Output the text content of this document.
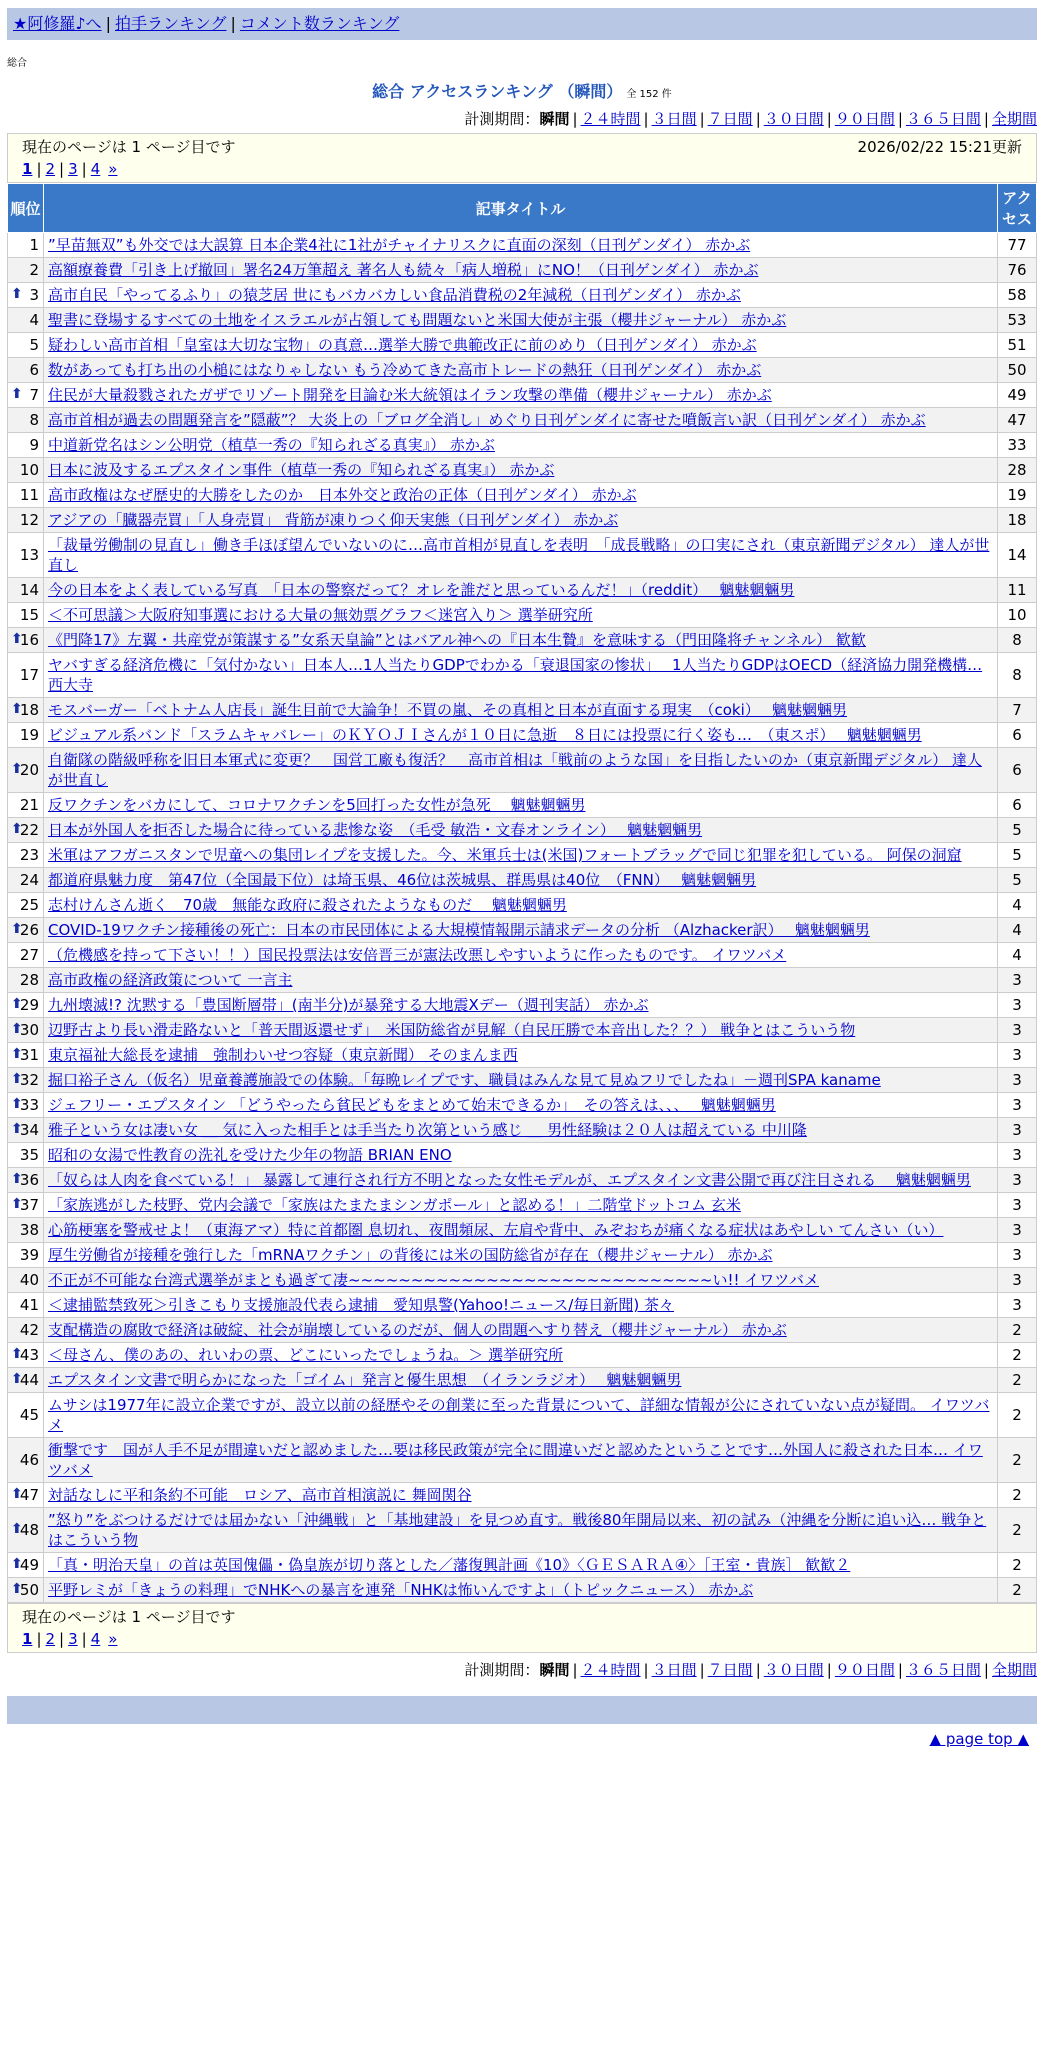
★阿修羅♪へ | 拍手ランキング | コメント数ランキング
総合
総合 アクセスランキング （瞬間） 全 152 件
計測期間：瞬間 | ２４時間 | ３日間 | ７日間 | ３０日間 | ９０日間 | ３６５日間 | 全期間
現在のページは 1 ページ目です	2026/02/22 15:21更新
1 | 2 | 3 | 4 »
順位	記事タイトル	アクセス
1	”早苗無双”も外交では大誤算 日本企業4社に1社がチャイナリスクに直面の深刻（日刊ゲンダイ） 赤かぶ	77
2	高額療養費「引き上げ撤回」署名24万筆超え 著名人も続々「病人増税」にNO！（日刊ゲンダイ） 赤かぶ	76

⬆ 3	高市自民「やってるふり」の猿芝居 世にもバカバカしい食品消費税の2年減税（日刊ゲンダイ） 赤かぶ	58
4	聖書に登場するすべての土地をイスラエルが占領しても問題ないと米国大使が主張（櫻井ジャーナル） 赤かぶ	53
5	疑わしい高市首相「皇室は大切な宝物」の真意…選挙大勝で典範改正に前のめり（日刊ゲンダイ） 赤かぶ	51
6	数があっても打ち出の小槌にはなりゃしない もう冷めてきた高市トレードの熱狂（日刊ゲンダイ） 赤かぶ	50

⬆ 7	住民が大量殺戮されたガザでリゾート開発を目論む米大統領はイラン攻撃の準備（櫻井ジャーナル） 赤かぶ	49
8	高市首相が過去の問題発言を”隠蔽”？ 大炎上の「ブログ全消し」めぐり日刊ゲンダイに寄せた噴飯言い訳（日刊ゲンダイ） 赤かぶ	47
9	中道新党名はシン公明党（植草一秀の『知られざる真実』） 赤かぶ	33
10	日本に波及するエプスタイン事件（植草一秀の『知られざる真実』） 赤かぶ	28
11	高市政権はなぜ歴史的大勝をしたのか　日本外交と政治の正体（日刊ゲンダイ） 赤かぶ	19
12	アジアの「臓器売買」「人身売買」 背筋が凍りつく仰天実態（日刊ゲンダイ） 赤かぶ	18
13	「裁量労働制の見直し」働き手ほぼ望んでいないのに…高市首相が見直しを表明　「成長戦略」の口実にされ（東京新聞デジタル） 達人が世直し	14
14	今の日本をよく表している写真　「日本の警察だって？オレを誰だと思っているんだ！」（reddit）　 魑魅魍魎男	11
15	＜不可思議＞大阪府知事選における大量の無効票グラフ＜迷宮入り＞ 選挙研究所	10

⬆
16	《門降17》左翼・共産党が策謀する”女系天皇論”とはバアル神への『日本生贄』を意味する（門田隆将チャンネル） 歓歓	8
17	ヤバすぎる経済危機に「気付かない」日本人…1人当たりGDPでわかる「衰退国家の惨状」　 1人当たりGDPはOECD（経済協力開発機構… 西大寺	8

⬆
18	モスバーガー「ベトナム人店長」誕生目前で大論争！不買の嵐、その真相と日本が直面する現実　（coki）　 魑魅魍魎男	7
19	ビジュアル系バンド「スラムキャバレー」のＫＹＯＪＩさんが１０日に急逝　８日には投票に行く姿も…　（東スポ）　 魑魅魍魎男	6

⬆
20	自衛隊の階級呼称を旧日本軍式に変更？　国営工廠も復活？　高市首相は「戦前のような国」を目指したいのか（東京新聞デジタル） 達人が世直し	6
21	反ワクチンをバカにして、コロナワクチンを5回打った女性が急死　 魑魅魍魎男	6

⬆
22	日本が外国人を拒否した場合に待っている悲惨な姿　（毛受 敏浩・文春オンライン）　 魑魅魍魎男	5
23	米軍はアフガニスタンで児童への集団レイプを支援した。今、米軍兵士は(米国)フォートブラッグで同じ犯罪を犯している。 阿保の洞窟	5
24	都道府県魅力度　第47位（全国最下位）は埼玉県、46位は茨城県、群馬県は40位　（FNN）　 魑魅魍魎男	5
25	志村けんさん逝く　70歳　無能な政府に殺されたようなものだ　 魑魅魍魎男	4

⬆
26	COVID-19ワクチン接種後の死亡：日本の市民団体による大規模情報開示請求データの分析 （Alzhacker訳）　 魑魅魍魎男	4
27	（危機感を持って下さい！！）国民投票法は安倍晋三が憲法改悪しやすいように作ったものです。 イワツバメ	4
28	高市政権の経済政策について 一言主	3

⬆
29	九州壊滅!? 沈黙する「豊国断層帯」(南半分)が暴発する大地震Xデー（週刊実話） 赤かぶ	3

⬆
30	辺野古より長い滑走路ないと「普天間返還せず」　米国防総省が見解（自民圧勝で本音出した？？） 戦争とはこういう物	3

⬆
31	東京福祉大総長を逮捕　強制わいせつ容疑（東京新聞） そのまんま西	3

⬆
32	掘口裕子さん（仮名）児童養護施設での体験。「毎晩レイプです、職員はみんな見て見ぬフリでしたね」－週刊SPA kaname	3

⬆
33	ジェフリー・エプスタイン 「どうやったら貧民どもをまとめて始末できるか」　その答えは、、、　 魑魅魍魎男	3

⬆
34	雅子という女は凄い女 ＿ 気に入った相手とは手当たり次第という感じ ＿ 男性経験は２０人は超えている 中川隆	3
35	昭和の女湯で性教育の洗礼を受けた少年の物語 BRIAN ENO	3

⬆
36	「奴らは人肉を食べている！」 暴露して連行され行方不明となった女性モデルが、エプスタイン文書公開で再び注目される　 魑魅魍魎男	3

⬆
37	「家族逃がした枝野、党内会議で「家族はたまたまシンガポール」と認める！」二階堂ドットコム 玄米	3
38	心筋梗塞を警戒せよ！（東海アマ）特に首都圏 息切れ、夜間頻尿、左肩や背中、みぞおちが痛くなる症状はあやしい てんさい（い）	3
39	厚生労働省が接種を強行した「mRNAワクチン」の背後には米の国防総省が存在（櫻井ジャーナル） 赤かぶ	3
40	不正が不可能な台湾式選挙がまとも過ぎて凄~~~~~~~~~~~~~~~~~~~~~~~~~~~~~い!! イワツバメ	3
41	＜逮捕監禁致死＞引きこもり支援施設代表ら逮捕　愛知県警(Yahoo!ニュース/毎日新聞) 茶々	3
42	支配構造の腐敗で経済は破綻、社会が崩壊しているのだが、個人の問題へすり替え（櫻井ジャーナル） 赤かぶ	2

⬆
43	＜母さん、僕のあの、れいわの票、どこにいったでしょうね。＞ 選挙研究所	2

⬆
44	エプスタイン文書で明らかになった「ゴイム」発言と優生思想　（イランラジオ）　 魑魅魍魎男	2
45	ムサシは1977年に設立企業ですが、設立以前の経歴やその創業に至った背景について、詳細な情報が公にされていない点が疑問。 イワツバメ	2
46	衝撃です　国が人手不足が間違いだと認めました…要は移民政策が完全に間違いだと認めたということです…外国人に殺された日本… イワツバメ	2

⬆
47	対話なしに平和条約不可能　ロシア、高市首相演説に 舞岡関谷	2

⬆
48	”怒り”をぶつけるだけでは届かない「沖縄戦」と「基地建設」を見つめ直す。戦後80年開局以来、初の試み（沖縄を分断に追い込… 戦争とはこういう物	2

⬆
49	「真・明治天皇」の首は英国傀儡・偽皇族が切り落とした／藩復興計画《10》〈ＧＥＳＡＲＡ④〉［王室・貴族］ 歓歓２	2

⬆
50	平野レミが「きょうの料理」でNHKへの暴言を連発「NHKは怖いんですよ」（トピックニュース） 赤かぶ	2
現在のページは 1 ページ目です
1 | 2 | 3 | 4 »
計測期間：瞬間 | ２４時間 | ３日間 | ７日間 | ３０日間 | ９０日間 | ３６５日間 | 全期間
▲ page top ▲
